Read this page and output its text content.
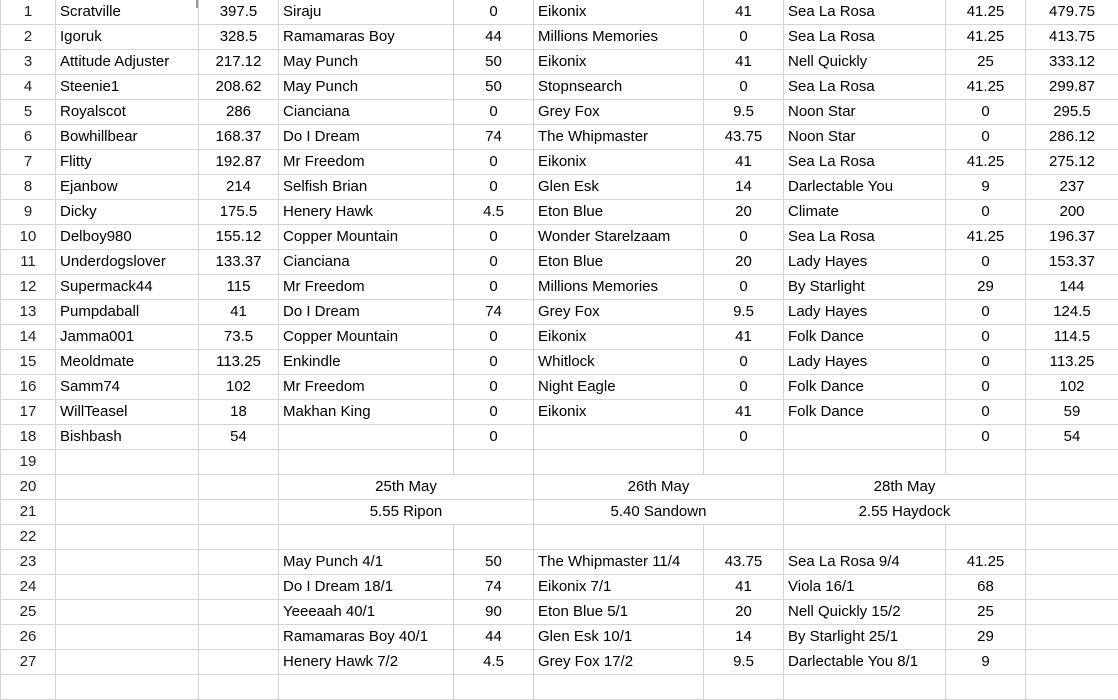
1	Scratville	397.5	Siraju	0	Eikonix	41	Sea La Rosa	41.25	479.75
2	Igoruk	328.5	Ramamaras Boy	44	Millions Memories	0	Sea La Rosa	41.25	413.75
3	Attitude Adjuster	217.12	May Punch	50	Eikonix	41	Nell Quickly	25	333.12
4	Steenie1	208.62	May Punch	50	Stopnsearch	0	Sea La Rosa	41.25	299.87
5	Royalscot	286	Cianciana	0	Grey Fox	9.5	Noon Star	0	295.5
6	Bowhillbear	168.37	Do I Dream	74	The Whipmaster	43.75	Noon Star	0	286.12
7	Flitty	192.87	Mr Freedom	0	Eikonix	41	Sea La Rosa	41.25	275.12
8	Ejanbow	214	Selfish Brian	0	Glen Esk	14	Darlectable You	9	237
9	Dicky	175.5	Henery Hawk	4.5	Eton Blue	20	Climate	0	200
10	Delboy980	155.12	Copper Mountain	0	Wonder Starelzaam	0	Sea La Rosa	41.25	196.37
11	Underdogslover	133.37	Cianciana	0	Eton Blue	20	Lady Hayes	0	153.37
12	Supermack44	115	Mr Freedom	0	Millions Memories	0	By Starlight	29	144
13	Pumpdaball	41	Do I Dream	74	Grey Fox	9.5	Lady Hayes	0	124.5
14	Jamma001	73.5	Copper Mountain	0	Eikonix	41	Folk Dance	0	114.5
15	Meoldmate	113.25	Enkindle	0	Whitlock	0	Lady Hayes	0	113.25
16	Samm74	102	Mr Freedom	0	Night Eagle	0	Folk Dance	0	102
17	WillTeasel	18	Makhan King	0	Eikonix	41	Folk Dance	0	59
18	Bishbash	54		0		0		0	54
19									
20			25th May		26th May		28th May		
21			5.55 Ripon		5.40 Sandown		2.55 Haydock		
22									
23			May Punch 4/1	50	The Whipmaster 11/4	43.75	Sea La Rosa 9/4	41.25	
24			Do I Dream 18/1	74	Eikonix 7/1	41	Viola 16/1	68	
25			Yeeeaah 40/1	90	Eton Blue 5/1	20	Nell Quickly 15/2	25	
26			Ramamaras Boy 40/1	44	Glen Esk 10/1	14	By Starlight 25/1	29	
27			Henery Hawk 7/2	4.5	Grey Fox 17/2	9.5	Darlectable You 8/1	9	
